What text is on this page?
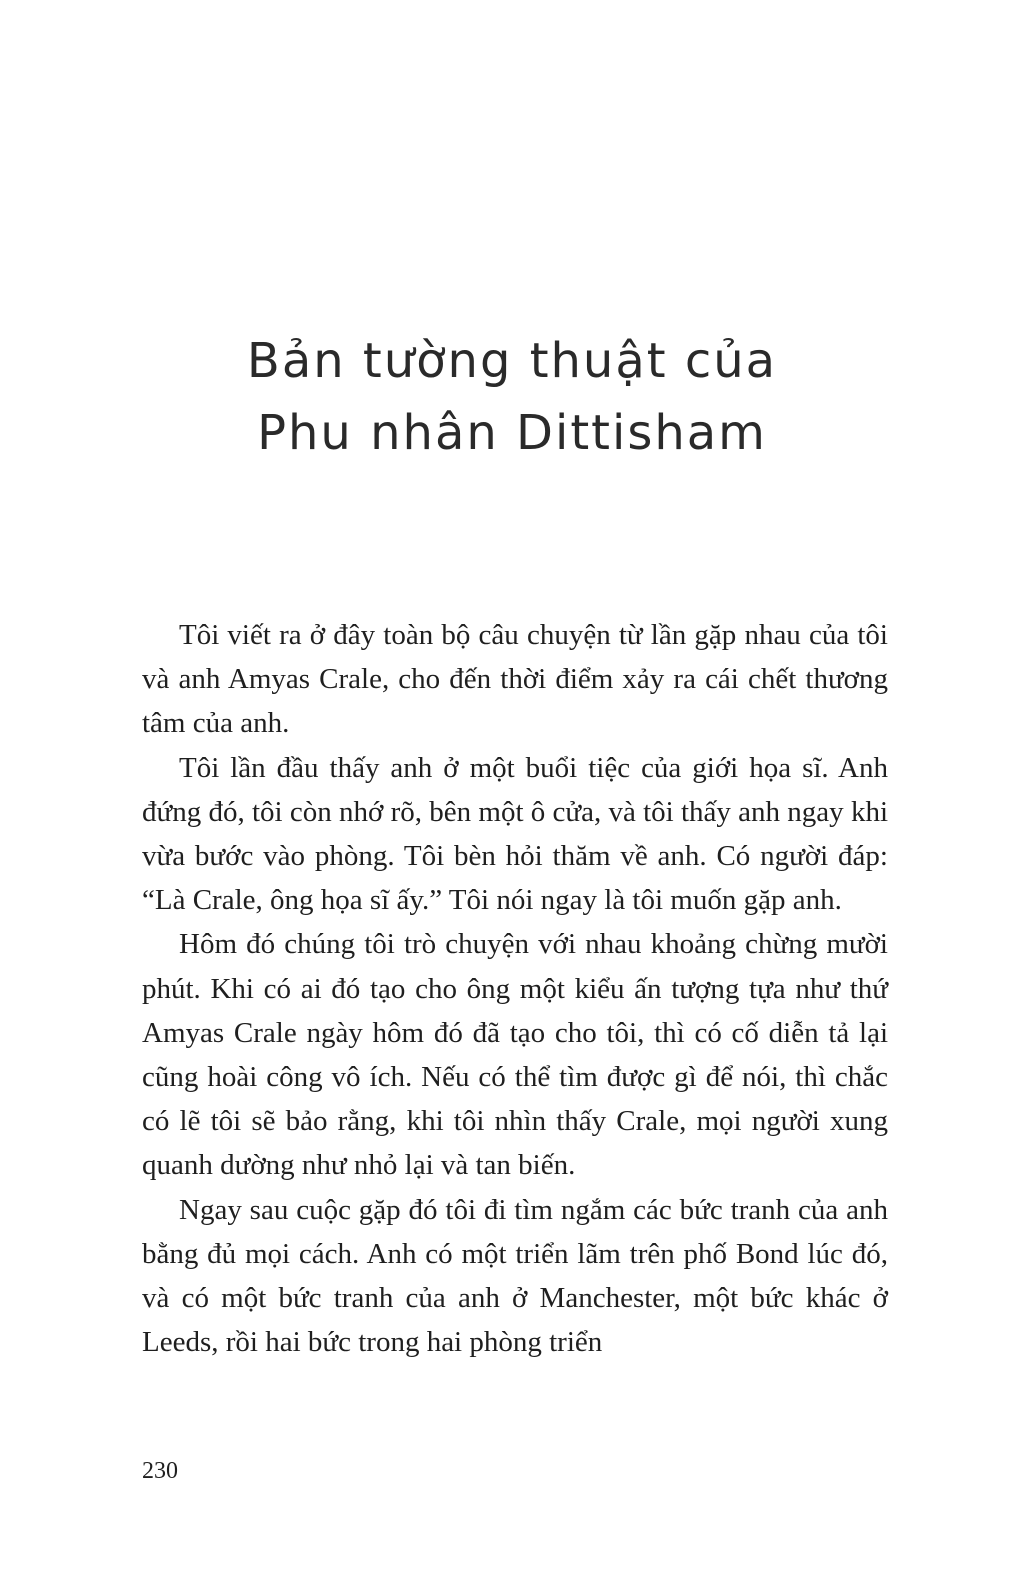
Bản tường thuật của
Phu nhân Dittisham

Tôi viết ra ở đây toàn bộ câu chuyện từ lần gặp nhau của tôi và anh Amyas Crale, cho đến thời điểm xảy ra cái chết thương tâm của anh.

Tôi lần đầu thấy anh ở một buổi tiệc của giới họa sĩ. Anh đứng đó, tôi còn nhớ rõ, bên một ô cửa, và tôi thấy anh ngay khi vừa bước vào phòng. Tôi bèn hỏi thăm về anh. Có người đáp: “Là Crale, ông họa sĩ ấy.” Tôi nói ngay là tôi muốn gặp anh.

Hôm đó chúng tôi trò chuyện với nhau khoảng chừng mười phút. Khi có ai đó tạo cho ông một kiểu ấn tượng tựa như thứ Amyas Crale ngày hôm đó đã tạo cho tôi, thì có cố diễn tả lại cũng hoài công vô ích. Nếu có thể tìm được gì để nói, thì chắc có lẽ tôi sẽ bảo rằng, khi tôi nhìn thấy Crale, mọi người xung quanh dường như nhỏ lại và tan biến.

Ngay sau cuộc gặp đó tôi đi tìm ngắm các bức tranh của anh bằng đủ mọi cách. Anh có một triển lãm trên phố Bond lúc đó, và có một bức tranh của anh ở Manchester, một bức khác ở Leeds, rồi hai bức trong hai phòng triển

230
